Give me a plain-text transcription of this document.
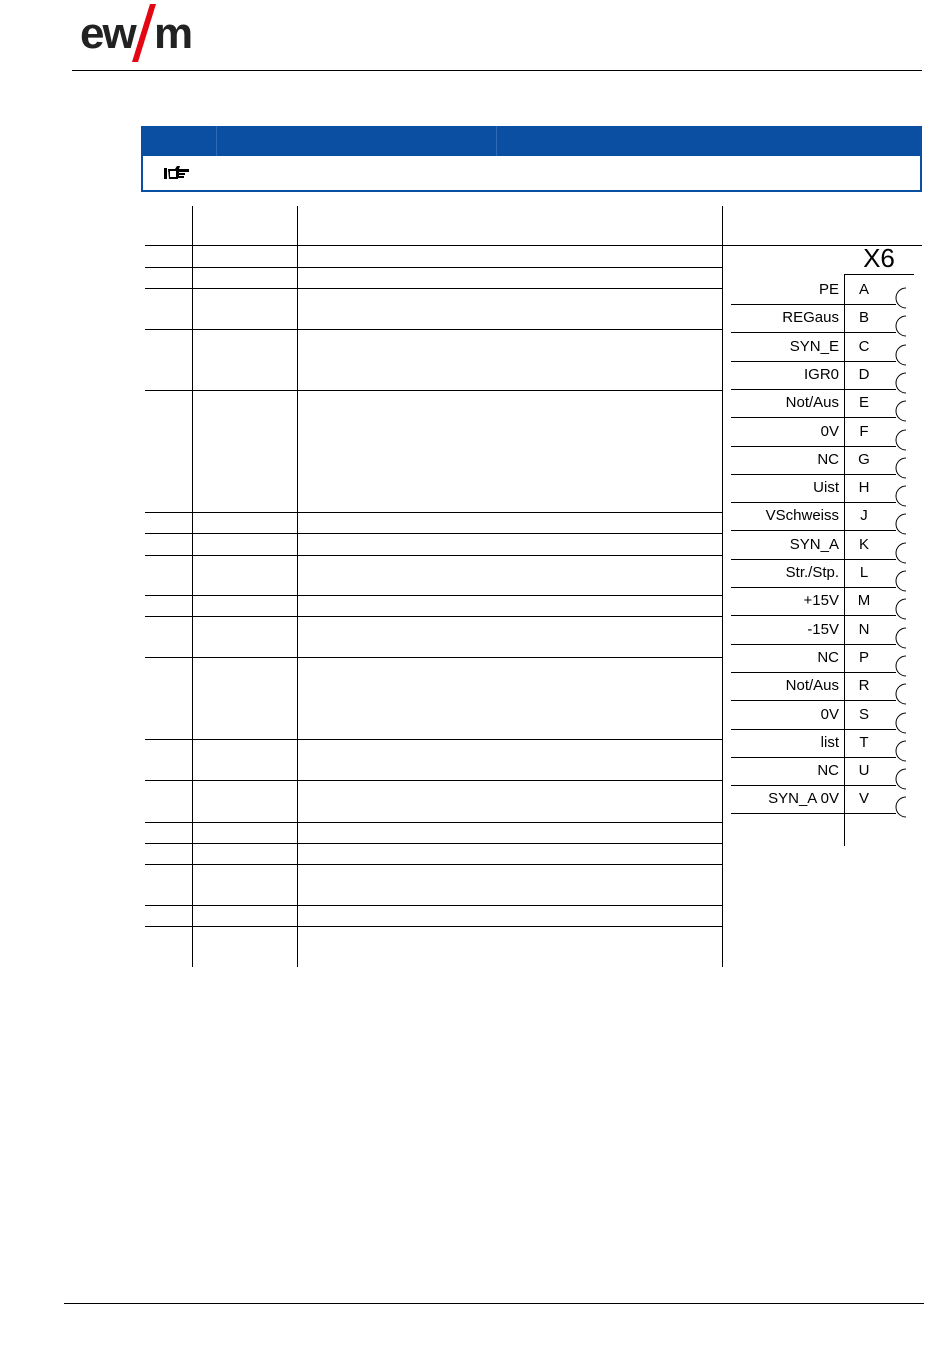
ew m
X6
PE	A
REGaus	B
SYN_E	C
IGR0	D
Not/Aus	E
0V	F
NC	G
Uist	H
VSchweiss	J
SYN_A	K
Str./Stp.	L
+15V	M
-15V	N
NC	P
Not/Aus	R
0V	S
list	T
NC	U
SYN_A 0V	V
